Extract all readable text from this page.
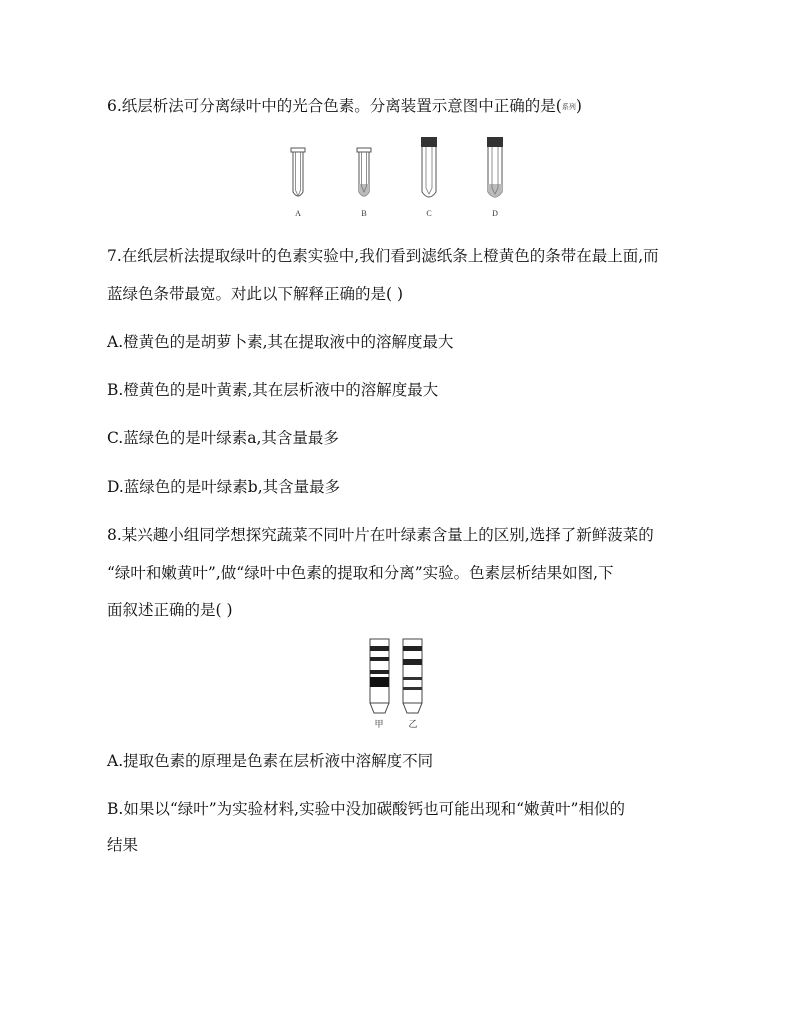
6.纸层析法可分离绿叶中的光合色素。分离装置示意图中正确的是(系列)
A	B	C	D
7.在纸层析法提取绿叶的色素实验中,我们看到滤纸条上橙黄色的条带在最上面,而
蓝绿色条带最宽。对此以下解释正确的是( )
A.橙黄色的是胡萝卜素,其在提取液中的溶解度最大
B.橙黄色的是叶黄素,其在层析液中的溶解度最大
C.蓝绿色的是叶绿素a,其含量最多
D.蓝绿色的是叶绿素b,其含量最多
8.某兴趣小组同学想探究蔬菜不同叶片在叶绿素含量上的区别,选择了新鲜菠菜的
“绿叶和嫩黄叶”,做“绿叶中色素的提取和分离”实验。色素层析结果如图,下
面叙述正确的是( )
甲	乙
A.提取色素的原理是色素在层析液中溶解度不同
B.如果以“绿叶”为实验材料,实验中没加碳酸钙也可能出现和“嫩黄叶”相似的
结果
